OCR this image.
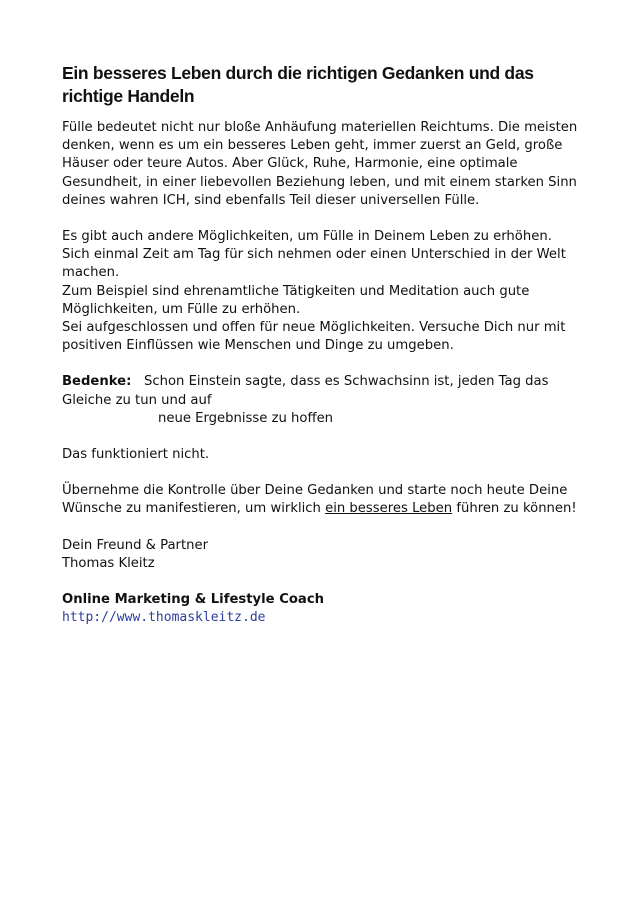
Ein besseres Leben durch die richtigen Gedanken und das richtige Handeln

Fülle bedeutet nicht nur bloße Anhäufung materiellen Reichtums. Die meisten denken, wenn es um ein besseres Leben geht, immer zuerst an Geld, große Häuser oder teure Autos. Aber Glück, Ruhe, Harmonie, eine optimale Gesundheit, in einer liebevollen Beziehung leben, und mit einem starken Sinn deines wahren ICH, sind ebenfalls Teil dieser universellen Fülle.

Es gibt auch andere Möglichkeiten, um Fülle in Deinem Leben zu erhöhen. Sich einmal Zeit am Tag für sich nehmen oder einen Unterschied in der Welt machen.

Zum Beispiel sind ehrenamtliche Tätigkeiten und Meditation auch gute Möglichkeiten, um Fülle zu erhöhen.

Sei aufgeschlossen und offen für neue Möglichkeiten. Versuche Dich nur mit positiven Einflüssen wie Menschen und Dinge zu umgeben.

Bedenke: Schon Einstein sagte, dass es Schwachsinn ist, jeden Tag das Gleiche zu tun und auf

neue Ergebnisse zu hoffen

Das funktioniert nicht.

Übernehme die Kontrolle über Deine Gedanken und starte noch heute Deine Wünsche zu manifestieren, um wirklich ein besseres Leben führen zu können!

Dein Freund & Partner

Thomas Kleitz

Online Marketing & Lifestyle Coach

http://www.thomaskleitz.de
